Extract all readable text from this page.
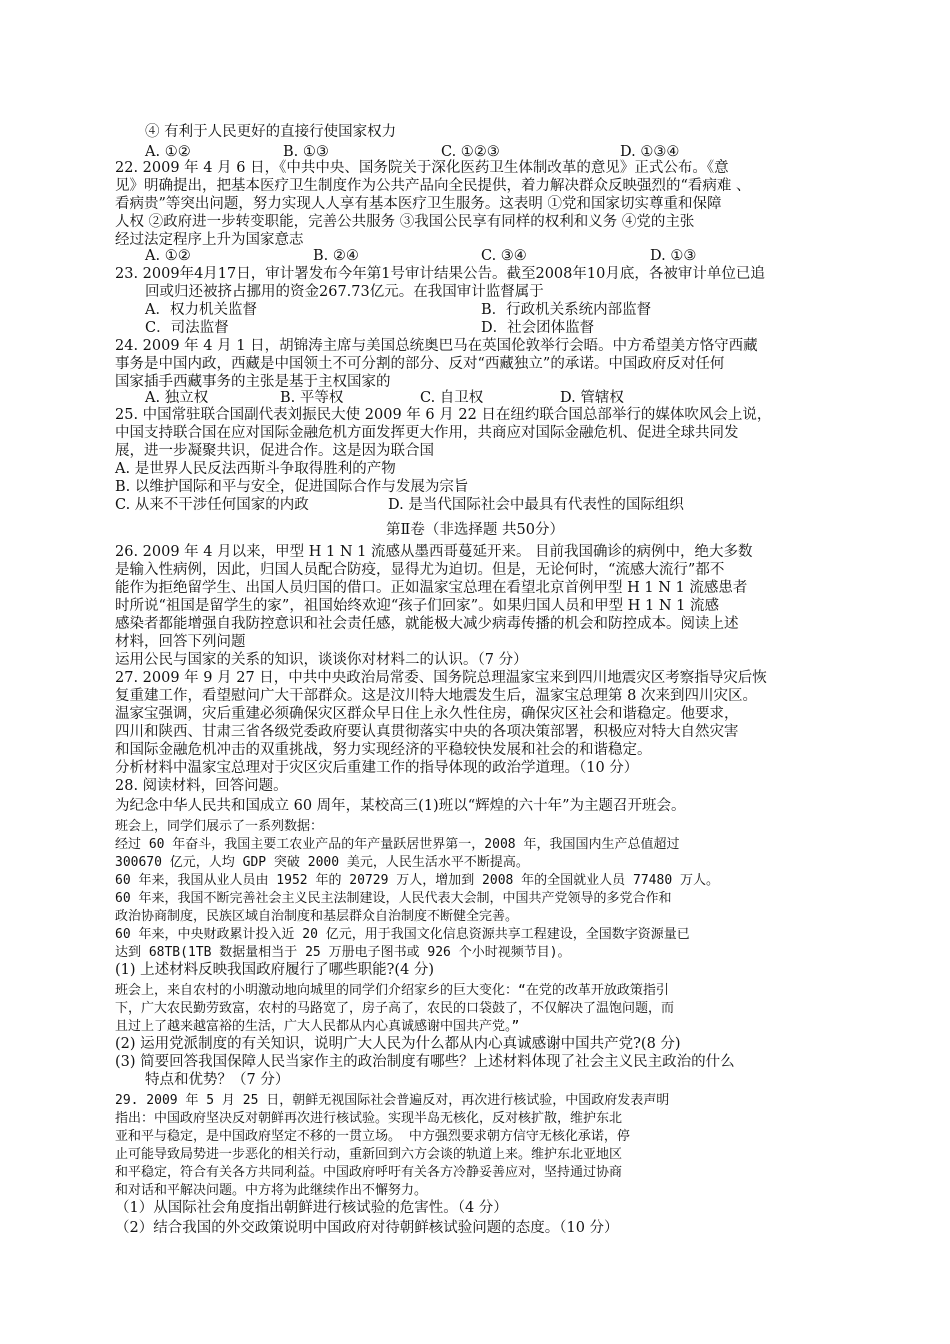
④ 有利于人民更好的直接行使国家权力
A. ①②	B. ①③	C. ①②③	D. ①③④
22. 2009 年 4 月 6 日，《中共中央、国务院关于深化医药卫生体制改革的意见》正式公布。《意
见》明确提出，把基本医疗卫生制度作为公共产品向全民提供，着力解决群众反映强烈的“看病难 、
看病贵”等突出问题，努力实现人人享有基本医疗卫生服务。这表明 ①党和国家切实尊重和保障
人权 ②政府进一步转变职能，完善公共服务 ③我国公民享有同样的权利和义务 ④党的主张
经过法定程序上升为国家意志
A. ①②	B. ②④	C. ③④	D. ①③
23. 2009年4月17日，审计署发布今年第1号审计结果公告。截至2008年10月底，各被审计单位已追
回或归还被挤占挪用的资金267.73亿元。在我国审计监督属于
A．权力机关监督	B．行政机关系统内部监督
C．司法监督	D．社会团体监督
24. 2009 年 4 月 1 日，胡锦涛主席与美国总统奥巴马在英国伦敦举行会晤。中方希望美方恪守西藏
事务是中国内政，西藏是中国领土不可分割的部分、反对“西藏独立”的承诺。中国政府反对任何
国家插手西藏事务的主张是基于主权国家的
A. 独立权	B. 平等权	C. 自卫权	D. 管辖权
25. 中国常驻联合国副代表刘振民大使 2009 年 6 月 22 日在纽约联合国总部举行的媒体吹风会上说，
中国支持联合国在应对国际金融危机方面发挥更大作用，共商应对国际金融危机、促进全球共同发
展，进一步凝聚共识，促进合作。这是因为联合国
A. 是世界人民反法西斯斗争取得胜利的产物
B. 以维护国际和平与安全，促进国际合作与发展为宗旨
C. 从来不干涉任何国家的内政	D. 是当代国际社会中最具有代表性的国际组织
第Ⅱ卷（非选择题 共50分）
26. 2009 年 4 月以来，甲型 H 1 N 1 流感从墨西哥蔓延开来。 目前我国确诊的病例中，绝大多数
是输入性病例，因此，归国人员配合防疫，显得尤为迫切。但是，无论何时，“流感大流行”都不
能作为拒绝留学生、出国人员归国的借口。正如温家宝总理在看望北京首例甲型 H 1 N 1 流感患者
时所说“祖国是留学生的家”，祖国始终欢迎“孩子们回家”。如果归国人员和甲型 H 1 N 1 流感
感染者都能增强自我防控意识和社会责任感，就能极大减少病毒传播的机会和防控成本。阅读上述
材料，回答下列问题
运用公民与国家的关系的知识，谈谈你对材料二的认识。（7 分）
27. 2009 年 9 月 27 日，中共中央政治局常委、国务院总理温家宝来到四川地震灾区考察指导灾后恢
复重建工作，看望慰问广大干部群众。这是汶川特大地震发生后，温家宝总理第 8 次来到四川灾区。
温家宝强调，灾后重建必须确保灾区群众早日住上永久性住房，确保灾区社会和谐稳定。他要求，
四川和陕西、甘肃三省各级党委政府要认真贯彻落实中央的各项决策部署，积极应对特大自然灾害
和国际金融危机冲击的双重挑战，努力实现经济的平稳较快发展和社会的和谐稳定。
分析材料中温家宝总理对于灾区灾后重建工作的指导体现的政治学道理。（10 分）
28. 阅读材料，回答问题。
为纪念中华人民共和国成立 60 周年，某校高三(1)班以“辉煌的六十年”为主题召开班会。
班会上，同学们展示了一系列数据：
经过 60 年奋斗，我国主要工农业产品的年产量跃居世界第一，2008 年，我国国内生产总值超过
300670 亿元，人均 GDP 突破 2000 美元，人民生活水平不断提高。
60 年来，我国从业人员由 1952 年的 20729 万人，增加到 2008 年的全国就业人员 77480 万人。
60 年来，我国不断完善社会主义民主法制建设，人民代表大会制，中国共产党领导的多党合作和
政治协商制度，民族区域自治制度和基层群众自治制度不断健全完善。
60 年来，中央财政累计投入近 20 亿元，用于我国文化信息资源共享工程建设，全国数字资源量已
达到 68TB(1TB 数据量相当于 25 万册电子图书或 926 个小时视频节目)。
(1) 上述材料反映我国政府履行了哪些职能?(4 分)
班会上，来自农村的小明激动地向城里的同学们介绍家乡的巨大变化：“在党的改革开放政策指引
下，广大农民勤劳致富，农村的马路宽了，房子高了，农民的口袋鼓了，不仅解决了温饱问题，而
且过上了越来越富裕的生活，广大人民都从内心真诚感谢中国共产党。”
(2) 运用党派制度的有关知识，说明广大人民为什么都从内心真诚感谢中国共产党?(8 分)
(3) 简要回答我国保障人民当家作主的政治制度有哪些？上述材料体现了社会主义民主政治的什么
特点和优势？（7 分）
29. 2009 年 5 月 25 日，朝鲜无视国际社会普遍反对，再次进行核试验，中国政府发表声明
指出：中国政府坚决反对朝鲜再次进行核试验。实现半岛无核化，反对核扩散，维护东北
亚和平与稳定，是中国政府坚定不移的一贯立场。 中方强烈要求朝方信守无核化承诺，停
止可能导致局势进一步恶化的相关行动，重新回到六方会谈的轨道上来。维护东北亚地区
和平稳定，符合有关各方共同利益。中国政府呼吁有关各方冷静妥善应对，坚持通过协商
和对话和平解决问题。中方将为此继续作出不懈努力。
（1）从国际社会角度指出朝鲜进行核试验的危害性。（4 分）
（2）结合我国的外交政策说明中国政府对待朝鲜核试验问题的态度。（10 分）
